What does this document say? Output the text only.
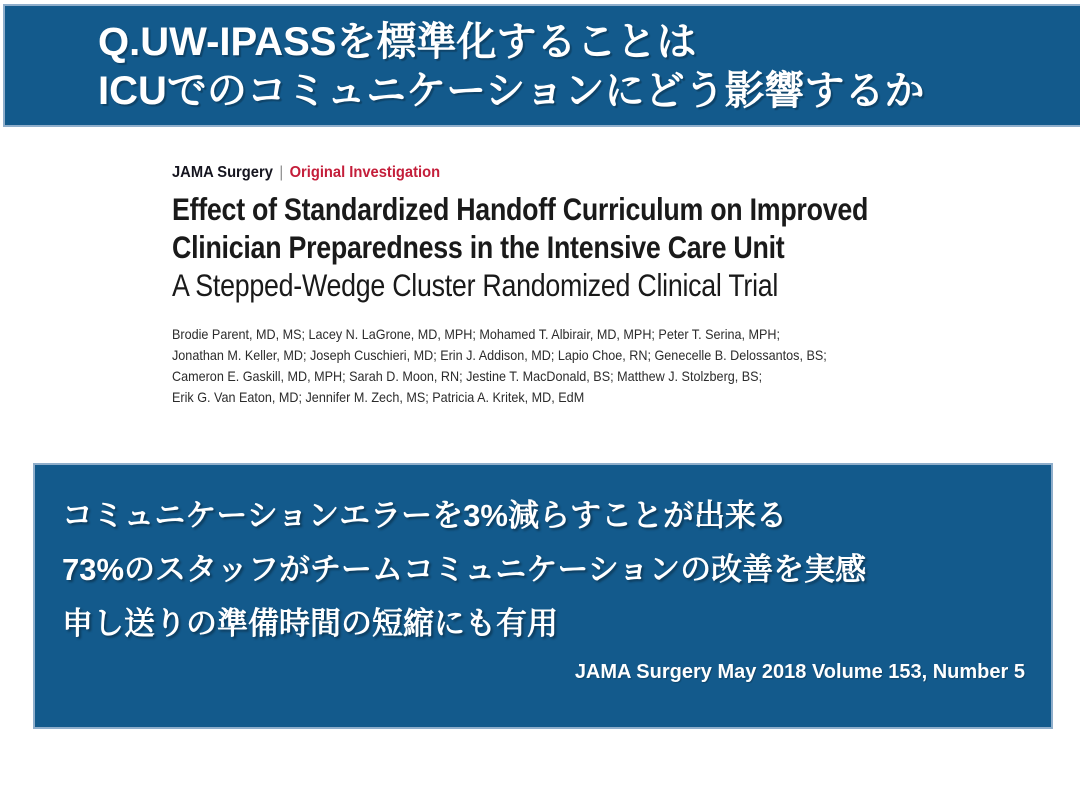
Q.UW-IPASSを標準化することは
ICUでのコミュニケーションにどう影響するか
JAMA Surgery | Original Investigation
Effect of Standardized Handoff Curriculum on Improved
Clinician Preparedness in the Intensive Care Unit
A Stepped-Wedge Cluster Randomized Clinical Trial
Brodie Parent, MD, MS; Lacey N. LaGrone, MD, MPH; Mohamed T. Albirair, MD, MPH; Peter T. Serina, MPH;
Jonathan M. Keller, MD; Joseph Cuschieri, MD; Erin J. Addison, MD; Lapio Choe, RN; Genecelle B. Delossantos, BS;
Cameron E. Gaskill, MD, MPH; Sarah D. Moon, RN; Jestine T. MacDonald, BS; Matthew J. Stolzberg, BS;
Erik G. Van Eaton, MD; Jennifer M. Zech, MS; Patricia A. Kritek, MD, EdM
コミュニケーションエラーを3%減らすことが出来る
73%のスタッフがチームコミュニケーションの改善を実感
申し送りの準備時間の短縮にも有用
JAMA Surgery May 2018 Volume 153, Number 5
